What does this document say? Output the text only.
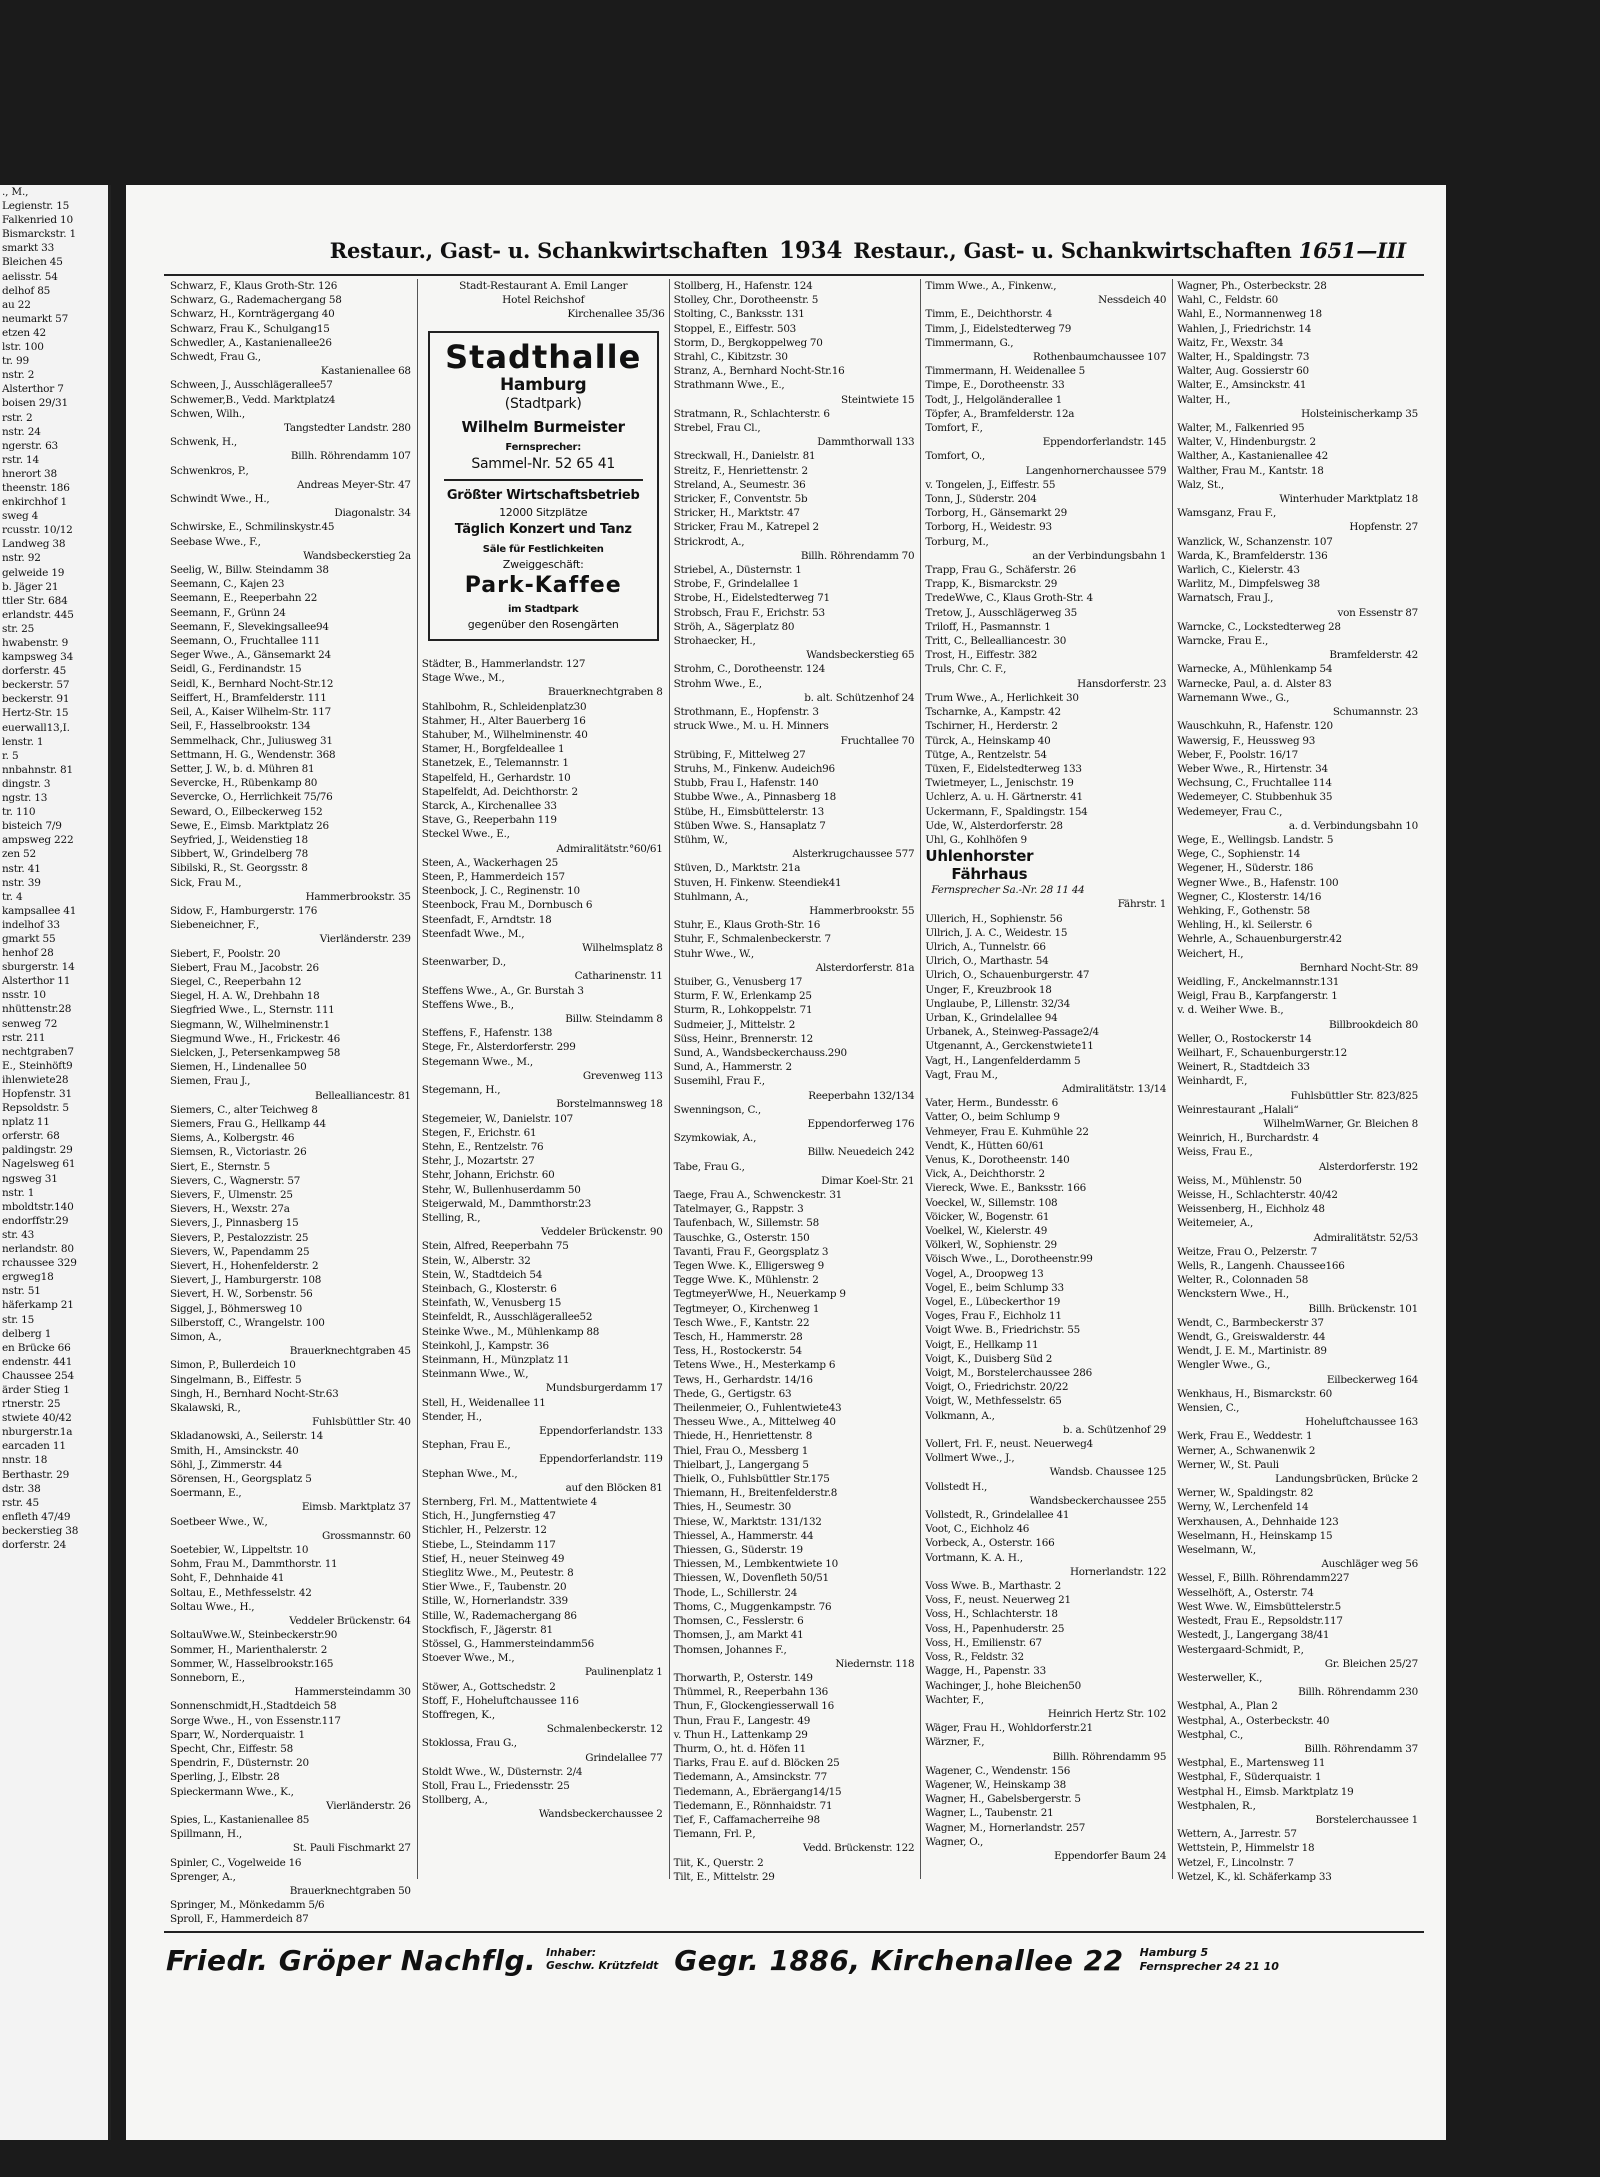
., M.,
Legienstr. 15
Falkenried 10
Bismarckstr. 1
smarkt 33
Bleichen 45
aelisstr. 54
delhof 85
au 22
neumarkt 57
etzen 42
lstr. 100
tr. 99
nstr. 2
Alsterthor 7
boisen 29/31
rstr. 2
nstr. 24
ngerstr. 63
rstr. 14
hnerort 38
theenstr. 186
enkirchhof 1
sweg 4
rcusstr. 10/12
Landweg 38
nstr. 92
gelweide 19
b. Jäger 21
ttler Str. 684
erlandstr. 445
str. 25
hwabenstr. 9
kampsweg 34
dorferstr. 45
beckerstr. 57
beckerstr. 91
Hertz-Str. 15
euerwall13,I.
lenstr. 1
r. 5
nnbahnstr. 81
dingstr. 3
ngstr. 13
tr. 110
bisteich 7/9
ampsweg 222
zen 52
nstr. 41
nstr. 39
tr. 4
kampsallee 41
indelhof 33
gmarkt 55
henhof 28
sburgerstr. 14
Alsterthor 11
nsstr. 10
nhüttenstr.28
senweg 72
rstr. 211
nechtgraben7
E., Steinhöft9
ihlenwiete28
Hopfenstr. 31
Repsoldstr. 5
nplatz 11
orferstr. 68
paldingstr. 29
Nagelsweg 61
ngsweg 31
nstr. 1
mboldtstr.140
endorffstr.29
str. 43
nerlandstr. 80
rchaussee 329
ergweg18
nstr. 51
häferkamp 21
str. 15
delberg 1
en Brücke 66
endenstr. 441
Chaussee 254
ärder Stieg 1
rtnerstr. 25
stwiete 40/42
nburgerstr.1a
earcaden 11
nnstr. 18
Berthastr. 29
dstr. 38
rstr. 45
enfleth 47/49
beckerstieg 38
dorferstr. 24
Restaur., Gast- u. Schankwirtschaften 1934 Restaur., Gast- u. Schankwirtschaften 1651—III
Schwarz, F., Klaus Groth-Str. 126
Schwarz, G., Rademachergang 58
Schwarz, H., Kornträgergang 40
Schwarz, Frau K., Schulgang15
Schwedler, A., Kastanienallee26
Schwedt, Frau G.,
Kastanienallee 68
Schween, J., Ausschlägerallee57
Schwemer,B., Vedd. Marktplatz4
Schwen, Wilh.,
Tangstedter Landstr. 280
Schwenk, H.,
Billh. Röhrendamm 107
Schwenkros, P.,
Andreas Meyer-Str. 47
Schwindt Wwe., H.,
Diagonalstr. 34
Schwirske, E., Schmilinskystr.45
Seebase Wwe., F.,
Wandsbeckerstieg 2a
Seelig, W., Billw. Steindamm 38
Seemann, C., Kajen 23
Seemann, E., Reeperbahn 22
Seemann, F., Grünn 24
Seemann, F., Slevekingsallee94
Seemann, O., Fruchtallee 111
Seger Wwe., A., Gänsemarkt 24
Seidl, G., Ferdinandstr. 15
Seidl, K., Bernhard Nocht-Str.12
Seiffert, H., Bramfelderstr. 111
Seil, A., Kaiser Wilhelm-Str. 117
Seil, F., Hasselbrookstr. 134
Semmelhack, Chr., Juliusweg 31
Settmann, H. G., Wendenstr. 368
Setter, J. W., b. d. Mühren 81
Severcke, H., Rübenkamp 80
Severcke, O., Herrlichkeit 75/76
Seward, O., Eilbeckerweg 152
Sewe, E., Eimsb. Marktplatz 26
Seyfried, J., Weidenstieg 18
Sibbert, W., Grindelberg 78
Sibilski, R., St. Georgsstr. 8
Sick, Frau M.,
Hammerbrookstr. 35
Sidow, F., Hamburgerstr. 176
Siebeneichner, F.,
Vierländerstr. 239
Siebert, F., Poolstr. 20
Siebert, Frau M., Jacobstr. 26
Siegel, C., Reeperbahn 12
Siegel, H. A. W., Drehbahn 18
Siegfried Wwe., L., Sternstr. 111
Siegmann, W., Wilhelminenstr.1
Siegmund Wwe., H., Frickestr. 46
Sielcken, J., Petersenkampweg 58
Siemen, H., Lindenallee 50
Siemen, Frau J.,
Bellealliancestr. 81
Siemers, C., alter Teichweg 8
Siemers, Frau G., Hellkamp 44
Siems, A., Kolbergstr. 46
Siemsen, R., Victoriastr. 26
Siert, E., Sternstr. 5
Sievers, C., Wagnerstr. 57
Sievers, F., Ulmenstr. 25
Sievers, H., Wexstr. 27a
Sievers, J., Pinnasberg 15
Sievers, P., Pestalozzistr. 25
Sievers, W., Papendamm 25
Sievert, H., Hohenfelderstr. 2
Sievert, J., Hamburgerstr. 108
Sievert, H. W., Sorbenstr. 56
Siggel, J., Böhmersweg 10
Silberstoff, C., Wrangelstr. 100
Simon, A.,
Brauerknechtgraben 45
Simon, P., Bullerdeich 10
Singelmann, B., Eiffestr. 5
Singh, H., Bernhard Nocht-Str.63
Skalawski, R.,
Fuhlsbüttler Str. 40
Skladanowski, A., Seilerstr. 14
Smith, H., Amsinckstr. 40
Söhl, J., Zimmerstr. 44
Sörensen, H., Georgsplatz 5
Soermann, E.,
Eimsb. Marktplatz 37
Soetbeer Wwe., W.,
Grossmannstr. 60
Soetebier, W., Lippeltstr. 10
Sohm, Frau M., Dammthorstr. 11
Soht, F., Dehnhaide 41
Soltau, E., Methfesselstr. 42
Soltau Wwe., H.,
Veddeler Brückenstr. 64
SoltauWwe.W., Steinbeckerstr.90
Sommer, H., Marienthalerstr. 2
Sommer, W., Hasselbrookstr.165
Sonneborn, E.,
Hammersteindamm 30
Sonnenschmidt,H.,Stadtdeich 58
Sorge Wwe., H., von Essenstr.117
Sparr, W., Norderquaistr. 1
Specht, Chr., Eiffestr. 58
Spendrin, F., Düsternstr. 20
Sperling, J., Elbstr. 28
Spieckermann Wwe., K.,
Vierländerstr. 26
Spies, L., Kastanienallee 85
Spillmann, H.,
St. Pauli Fischmarkt 27
Spinler, C., Vogelweide 16
Sprenger, A.,
Brauerknechtgraben 50
Springer, M., Mönkedamm 5/6
Sproll, F., Hammerdeich 87
Stadt-Restaurant A. Emil Langer
Hotel Reichshof
Kirchenallee 35/36
Stadthalle
Hamburg
(Stadtpark)
Wilhelm Burmeister
Fernsprecher:
Sammel-Nr. 52 65 41
Größter Wirtschaftsbetrieb
12000 Sitzplätze
Täglich Konzert und Tanz
Säle für Festlichkeiten
Zweiggeschäft:
Park-Kaffee
im Stadtpark
gegenüber den Rosengärten
Städter, B., Hammerlandstr. 127
Stage Wwe., M.,
Brauerknechtgraben 8
Stahlbohm, R., Schleidenplatz30
Stahmer, H., Alter Bauerberg 16
Stahuber, M., Wilhelminenstr. 40
Stamer, H., Borgfeldeallee 1
Stanetzek, E., Telemannstr. 1
Stapelfeld, H., Gerhardstr. 10
Stapelfeldt, Ad. Deichthorstr. 2
Starck, A., Kirchenallee 33
Stave, G., Reeperbahn 119
Steckel Wwe., E.,
Admiralitätstr.°60/61
Steen, A., Wackerhagen 25
Steen, P., Hammerdeich 157
Steenbock, J. C., Reginenstr. 10
Steenbock, Frau M., Dornbusch 6
Steenfadt, F., Arndtstr. 18
Steenfadt Wwe., M.,
Wilhelmsplatz 8
Steenwarber, D.,
Catharinenstr. 11
Steffens Wwe., A., Gr. Burstah 3
Steffens Wwe., B.,
Billw. Steindamm 8
Steffens, F., Hafenstr. 138
Stege, Fr., Alsterdorferstr. 299
Stegemann Wwe., M.,
Grevenweg 113
Stegemann, H.,
Borstelmannsweg 18
Stegemeier, W., Danielstr. 107
Stegen, F., Erichstr. 61
Stehn, E., Rentzelstr. 76
Stehr, J., Mozartstr. 27
Stehr, Johann, Erichstr. 60
Stehr, W., Bullenhuserdamm 50
Steigerwald, M., Dammthorstr.23
Stelling, R.,
Veddeler Brückenstr. 90
Stein, Alfred, Reeperbahn 75
Stein, W., Alberstr. 32
Stein, W., Stadtdeich 54
Steinbach, G., Klosterstr. 6
Steinfath, W., Venusberg 15
Steinfeldt, R., Ausschlägerallee52
Steinke Wwe., M., Mühlenkamp 88
Steinkohl, J., Kampstr. 36
Steinmann, H., Münzplatz 11
Steinmann Wwe., W.,
Mundsburgerdamm 17
Stell, H., Weidenallee 11
Stender, H.,
Eppendorferlandstr. 133
Stephan, Frau E.,
Eppendorferlandstr. 119
Stephan Wwe., M.,
auf den Blöcken 81
Sternberg, Frl. M., Mattentwiete 4
Stich, H., Jungfernstieg 47
Stichler, H., Pelzerstr. 12
Stiebe, L., Steindamm 117
Stief, H., neuer Steinweg 49
Stieglitz Wwe., M., Peutestr. 8
Stier Wwe., F., Taubenstr. 20
Stille, W., Hornerlandstr. 339
Stille, W., Rademachergang 86
Stockfisch, F., Jägerstr. 81
Stössel, G., Hammersteindamm56
Stoever Wwe., M.,
Paulinenplatz 1
Stöwer, A., Gottschedstr. 2
Stoff, F., Hoheluftchaussee 116
Stoffregen, K.,
Schmalenbeckerstr. 12
Stoklossa, Frau G.,
Grindelallee 77
Stoldt Wwe., W., Düsternstr. 2/4
Stoll, Frau L., Friedensstr. 25
Stollberg, A.,
Wandsbeckerchaussee 2
Stollberg, H., Hafenstr. 124
Stolley, Chr., Dorotheenstr. 5
Stolting, C., Banksstr. 131
Stoppel, E., Eiffestr. 503
Storm, D., Bergkoppelweg 70
Strahl, C., Kibitzstr. 30
Stranz, A., Bernhard Nocht-Str.16
Strathmann Wwe., E.,
Steintwiete 15
Stratmann, R., Schlachterstr. 6
Strebel, Frau Cl.,
Dammthorwall 133
Streckwall, H., Danielstr. 81
Streitz, F., Henriettenstr. 2
Streland, A., Seumestr. 36
Stricker, F., Conventstr. 5b
Stricker, H., Marktstr. 47
Stricker, Frau M., Katrepel 2
Strickrodt, A.,
Billh. Röhrendamm 70
Striebel, A., Düsternstr. 1
Strobe, F., Grindelallee 1
Strobe, H., Eidelstedterweg 71
Strobsch, Frau F., Erichstr. 53
Ströh, A., Sägerplatz 80
Strohaecker, H.,
Wandsbeckerstieg 65
Strohm, C., Dorotheenstr. 124
Strohm Wwe., E.,
b. alt. Schützenhof 24
Strothmann, E., Hopfenstr. 3
struck Wwe., M. u. H. Minners
Fruchtallee 70
Strübing, F., Mittelweg 27
Struhs, M., Finkenw. Audeich96
Stubb, Frau I., Hafenstr. 140
Stubbe Wwe., A., Pinnasberg 18
Stübe, H., Eimsbüttelerstr. 13
Stüben Wwe. S., Hansaplatz 7
Stühm, W.,
Alsterkrugchaussee 577
Stüven, D., Marktstr. 21a
Stuven, H. Finkenw. Steendiek41
Stuhlmann, A.,
Hammerbrookstr. 55
Stuhr, E., Klaus Groth-Str. 16
Stuhr, F., Schmalenbeckerstr. 7
Stuhr Wwe., W.,
Alsterdorferstr. 81a
Stuiber, G., Venusberg 17
Sturm, F. W., Erlenkamp 25
Sturm, R., Lohkoppelstr. 71
Sudmeier, J., Mittelstr. 2
Süss, Heinr., Brennerstr. 12
Sund, A., Wandsbeckerchauss.290
Sund, A., Hammerstr. 2
Susemihl, Frau F.,
Reeperbahn 132/134
Swenningson, C.,
Eppendorferweg 176
Szymkowiak, A.,
Billw. Neuedeich 242
Tabe, Frau G.,
Dimar Koel-Str. 21
Taege, Frau A., Schwenckestr. 31
Tatelmayer, G., Rappstr. 3
Taufenbach, W., Sillemstr. 58
Tauschke, G., Osterstr. 150
Tavanti, Frau F., Georgsplatz 3
Tegen Wwe. K., Elligersweg 9
Tegge Wwe. K., Mühlenstr. 2
TegtmeyerWwe, H., Neuerkamp 9
Tegtmeyer, O., Kirchenweg 1
Tesch Wwe., F., Kantstr. 22
Tesch, H., Hammerstr. 28
Tess, H., Rostockerstr. 54
Tetens Wwe., H., Mesterkamp 6
Tews, H., Gerhardstr. 14/16
Thede, G., Gertigstr. 63
Theilenmeier, O., Fuhlentwiete43
Thesseu Wwe., A., Mittelweg 40
Thiede, H., Henriettenstr. 8
Thiel, Frau O., Messberg 1
Thielbart, J., Langergang 5
Thielk, O., Fuhlsbüttler Str.175
Thiemann, H., Breitenfelderstr.8
Thies, H., Seumestr. 30
Thiese, W., Marktstr. 131/132
Thiessel, A., Hammerstr. 44
Thiessen, G., Süderstr. 19
Thiessen, M., Lembkentwiete 10
Thiessen, W., Dovenfleth 50/51
Thode, L., Schillerstr. 24
Thoms, C., Muggenkampstr. 76
Thomsen, C., Fesslerstr. 6
Thomsen, J., am Markt 41
Thomsen, Johannes F.,
Niedernstr. 118
Thorwarth, P., Osterstr. 149
Thümmel, R., Reeperbahn 136
Thun, F., Glockengiesserwall 16
Thun, Frau F., Langestr. 49
v. Thun H., Lattenkamp 29
Thurm, O., ht. d. Höfen 11
Tiarks, Frau E. auf d. Blöcken 25
Tiedemann, A., Amsinckstr. 77
Tiedemann, A., Ebräergang14/15
Tiedemann, E., Rönnhaidstr. 71
Tief, F., Caffamacherreihe 98
Tiemann, Frl. P.,
Vedd. Brückenstr. 122
Tiit, K., Querstr. 2
Tilt, E., Mittelstr. 29
Timm Wwe., A., Finkenw.,
Nessdeich 40
Timm, E., Deichthorstr. 4
Timm, J., Eidelstedterweg 79
Timmermann, G.,
Rothenbaumchaussee 107
Timmermann, H. Weidenallee 5
Timpe, E., Dorotheenstr. 33
Todt, J., Helgoländerallee 1
Töpfer, A., Bramfelderstr. 12a
Tomfort, F.,
Eppendorferlandstr. 145
Tomfort, O.,
Langenhornerchaussee 579
v. Tongelen, J., Eiffestr. 55
Tonn, J., Süderstr. 204
Torborg, H., Gänsemarkt 29
Torborg, H., Weidestr. 93
Torburg, M.,
an der Verbindungsbahn 1
Trapp, Frau G., Schäferstr. 26
Trapp, K., Bismarckstr. 29
TredeWwe, C., Klaus Groth-Str. 4
Tretow, J., Ausschlägerweg 35
Triloff, H., Pasmannstr. 1
Tritt, C., Bellealliancestr. 30
Trost, H., Eiffestr. 382
Truls, Chr. C. F.,
Hansdorferstr. 23
Trum Wwe., A., Herlichkeit 30
Tscharnke, A., Kampstr. 42
Tschirner, H., Herderstr. 2
Türck, A., Heinskamp 40
Tütge, A., Rentzelstr. 54
Tüxen, F., Eidelstedterweg 133
Twietmeyer, L., Jenischstr. 19
Uchlerz, A. u. H. Gärtnerstr. 41
Uckermann, F., Spaldingstr. 154
Ude, W., Alsterdorferstr. 28
Uhl, G., Kohlhöfen 9
Uhlenhorster
Fährhaus
Fernsprecher Sa.-Nr. 28 11 44
Fährstr. 1
Ullerich, H., Sophienstr. 56
Ullrich, J. A. C., Weidestr. 15
Ulrich, A., Tunnelstr. 66
Ulrich, O., Marthastr. 54
Ulrich, O., Schauenburgerstr. 47
Unger, F., Kreuzbrook 18
Unglaube, P., Lillenstr. 32/34
Urban, K., Grindelallee 94
Urbanek, A., Steinweg-Passage2/4
Utgenannt, A., Gerckenstwiete11
Vagt, H., Langenfelderdamm 5
Vagt, Frau M.,
Admiralitätstr. 13/14
Vater, Herm., Bundesstr. 6
Vatter, O., beim Schlump 9
Vehmeyer, Frau E. Kuhmühle 22
Vendt, K., Hütten 60/61
Venus, K., Dorotheenstr. 140
Vick, A., Deichthorstr. 2
Viereck, Wwe. E., Banksstr. 166
Voeckel, W., Sillemstr. 108
Vöicker, W., Bogenstr. 61
Voelkel, W., Kielerstr. 49
Völkerl, W., Sophienstr. 29
Vöisch Wwe., L., Dorotheenstr.99
Vogel, A., Droopweg 13
Vogel, E., beim Schlump 33
Vogel, E., Lübeckerthor 19
Voges, Frau F., Eichholz 11
Voigt Wwe. B., Friedrichstr. 55
Voigt, E., Hellkamp 11
Voigt, K., Duisberg Süd 2
Voigt, M., Borstelerchaussee 286
Voigt, O., Friedrichstr. 20/22
Voigt, W., Methfesselstr. 65
Volkmann, A.,
b. a. Schützenhof 29
Vollert, Frl. F., neust. Neuerweg4
Vollmert Wwe., J.,
Wandsb. Chaussee 125
Vollstedt H.,
Wandsbeckerchaussee 255
Vollstedt, R., Grindelallee 41
Voot, C., Eichholz 46
Vorbeck, A., Osterstr. 166
Vortmann, K. A. H.,
Hornerlandstr. 122
Voss Wwe. B., Marthastr. 2
Voss, F., neust. Neuerweg 21
Voss, H., Schlachterstr. 18
Voss, H., Papenhuderstr. 25
Voss, H., Emilienstr. 67
Voss, R., Feldstr. 32
Wagge, H., Papenstr. 33
Wachinger, J., hohe Bleichen50
Wachter, F.,
Heinrich Hertz Str. 102
Wäger, Frau H., Wohldorferstr.21
Wärzner, F.,
Billh. Röhrendamm 95
Wagener, C., Wendenstr. 156
Wagener, W., Heinskamp 38
Wagner, H., Gabelsbergerstr. 5
Wagner, L., Taubenstr. 21
Wagner, M., Hornerlandstr. 257
Wagner, O.,
Eppendorfer Baum 24
Wagner, Ph., Osterbeckstr. 28
Wahl, C., Feldstr. 60
Wahl, E., Normannenweg 18
Wahlen, J., Friedrichstr. 14
Waitz, Fr., Wexstr. 34
Walter, H., Spaldingstr. 73
Walter, Aug. Gossierstr 60
Walter, E., Amsinckstr. 41
Walter, H.,
Holsteinischerkamp 35
Walter, M., Falkenried 95
Walter, V., Hindenburgstr. 2
Walther, A., Kastanienallee 42
Walther, Frau M., Kantstr. 18
Walz, St.,
Winterhuder Marktplatz 18
Wamsganz, Frau F.,
Hopfenstr. 27
Wanzlick, W., Schanzenstr. 107
Warda, K., Bramfelderstr. 136
Warlich, C., Kielerstr. 43
Warlitz, M., Dimpfelsweg 38
Warnatsch, Frau J.,
von Essenstr 87
Warncke, C., Lockstedterweg 28
Warncke, Frau E.,
Bramfelderstr. 42
Warnecke, A., Mühlenkamp 54
Warnecke, Paul, a. d. Alster 83
Warnemann Wwe., G.,
Schumannstr. 23
Wauschkuhn, R., Hafenstr. 120
Wawersig, F., Heussweg 93
Weber, F., Poolstr. 16/17
Weber Wwe., R., Hirtenstr. 34
Wechsung, C., Fruchtallee 114
Wedemeyer, C. Stubbenhuk 35
Wedemeyer, Frau C.,
a. d. Verbindungsbahn 10
Wege, E., Wellingsb. Landstr. 5
Wege, C., Sophienstr. 14
Wegener, H., Süderstr. 186
Wegner Wwe., B., Hafenstr. 100
Wegner, C., Klosterstr. 14/16
Wehking, F., Gothenstr. 58
Wehling, H., kl. Seilerstr. 6
Wehrle, A., Schauenburgerstr.42
Weichert, H.,
Bernhard Nocht-Str. 89
Weidling, F., Anckelmannstr.131
Weigl, Frau B., Karpfangerstr. 1
v. d. Weiher Wwe. B.,
Billbrookdeich 80
Weller, O., Rostockerstr 14
Weilhart, F., Schauenburgerstr.12
Weinert, R., Stadtdeich 33
Weinhardt, F.,
Fuhlsbüttler Str. 823/825
Weinrestaurant „Halali“
WilhelmWarner, Gr. Bleichen 8
Weinrich, H., Burchardstr. 4
Weiss, Frau E.,
Alsterdorferstr. 192
Weiss, M., Mühlenstr. 50
Weisse, H., Schlachterstr. 40/42
Weissenberg, H., Eichholz 48
Weitemeier, A.,
Admiralitätstr. 52/53
Weitze, Frau O., Pelzerstr. 7
Wells, R., Langenh. Chaussee166
Welter, R., Colonnaden 58
Wenckstern Wwe., H.,
Billh. Brückenstr. 101
Wendt, C., Barmbeckerstr 37
Wendt, G., Greiswalderstr. 44
Wendt, J. E. M., Martinistr. 89
Wengler Wwe., G.,
Eilbeckerweg 164
Wenkhaus, H., Bismarckstr. 60
Wensien, C.,
Hoheluftchaussee 163
Werk, Frau E., Weddestr. 1
Werner, A., Schwanenwik 2
Werner, W., St. Pauli
Landungsbrücken, Brücke 2
Werner, W., Spaldingstr. 82
Werny, W., Lerchenfeld 14
Werxhausen, A., Dehnhaide 123
Weselmann, H., Heinskamp 15
Weselmann, W.,
Auschläger weg 56
Wessel, F., Billh. Röhrendamm227
Wesselhöft, A., Osterstr. 74
West Wwe. W., Eimsbüttelerstr.5
Westedt, Frau E., Repsoldstr.117
Westedt, J., Langergang 38/41
Westergaard-Schmidt, P.,
Gr. Bleichen 25/27
Westerweller, K.,
Billh. Röhrendamm 230
Westphal, A., Plan 2
Westphal, A., Osterbeckstr. 40
Westphal, C.,
Billh. Röhrendamm 37
Westphal, E., Martensweg 11
Westphal, F., Süderquaistr. 1
Westphal H., Eimsb. Marktplatz 19
Westphalen, R.,
Borstelerchaussee 1
Wettern, A., Jarrestr. 57
Wettstein, P., Himmelstr 18
Wetzel, F., Lincolnstr. 7
Wetzel, K., kl. Schäferkamp 33
Friedr. Gröper Nachflg. Inhaber:
Geschw. Krützfeldt Gegr. 1886, Kirchenallee 22 Hamburg 5
Fernsprecher 24 21 10
